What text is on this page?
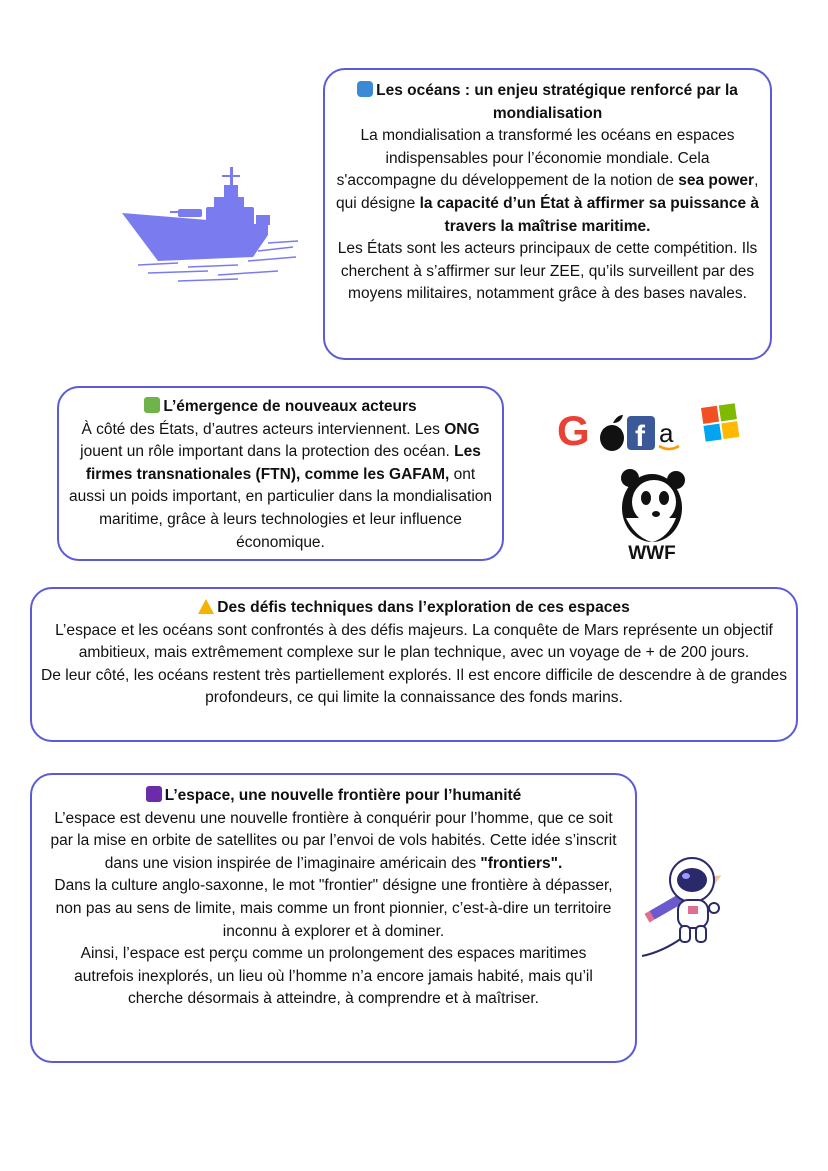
Les océans : un enjeu stratégique renforcé par la mondialisation

La mondialisation a transformé les océans en espaces indispensables pour l’économie mondiale. Cela s'accompagne du développement de la notion de sea power, qui désigne la capacité d’un État à affirmer sa puissance à travers la maîtrise maritime.

Les États sont les acteurs principaux de cette compétition. Ils cherchent à s’affirmer sur leur ZEE, qu’ils surveillent par des moyens militaires, notamment grâce à des bases navales.

L’émergence de nouveaux acteurs

À côté des États, d’autres acteurs interviennent. Les ONG jouent un rôle important dans la protection des océan. Les firmes transnationales (FTN), comme les GAFAM, ont aussi un poids important, en particulier dans la mondialisation maritime, grâce à leurs technologies et leur influence économique.

G f a
WWF

Des défis techniques dans l’exploration de ces espaces

L’espace et les océans sont confrontés à des défis majeurs. La conquête de Mars représente un objectif ambitieux, mais extrêmement complexe sur le plan technique, avec un voyage de + de 200 jours.

De leur côté, les océans restent très partiellement explorés. Il est encore difficile de descendre à de grandes profondeurs, ce qui limite la connaissance des fonds marins.

L’espace, une nouvelle frontière pour l’humanité

L’espace est devenu une nouvelle frontière à conquérir pour l’homme, que ce soit par la mise en orbite de satellites ou par l’envoi de vols habités. Cette idée s’inscrit dans une vision inspirée de l’imaginaire américain des "frontiers".

Dans la culture anglo-saxonne, le mot "frontier" désigne une frontière à dépasser, non pas au sens de limite, mais comme un front pionnier, c’est-à-dire un territoire inconnu à explorer et à dominer.

Ainsi, l’espace est perçu comme un prolongement des espaces maritimes autrefois inexplorés, un lieu où l’homme n’a encore jamais habité, mais qu’il cherche désormais à atteindre, à comprendre et à maîtriser.
